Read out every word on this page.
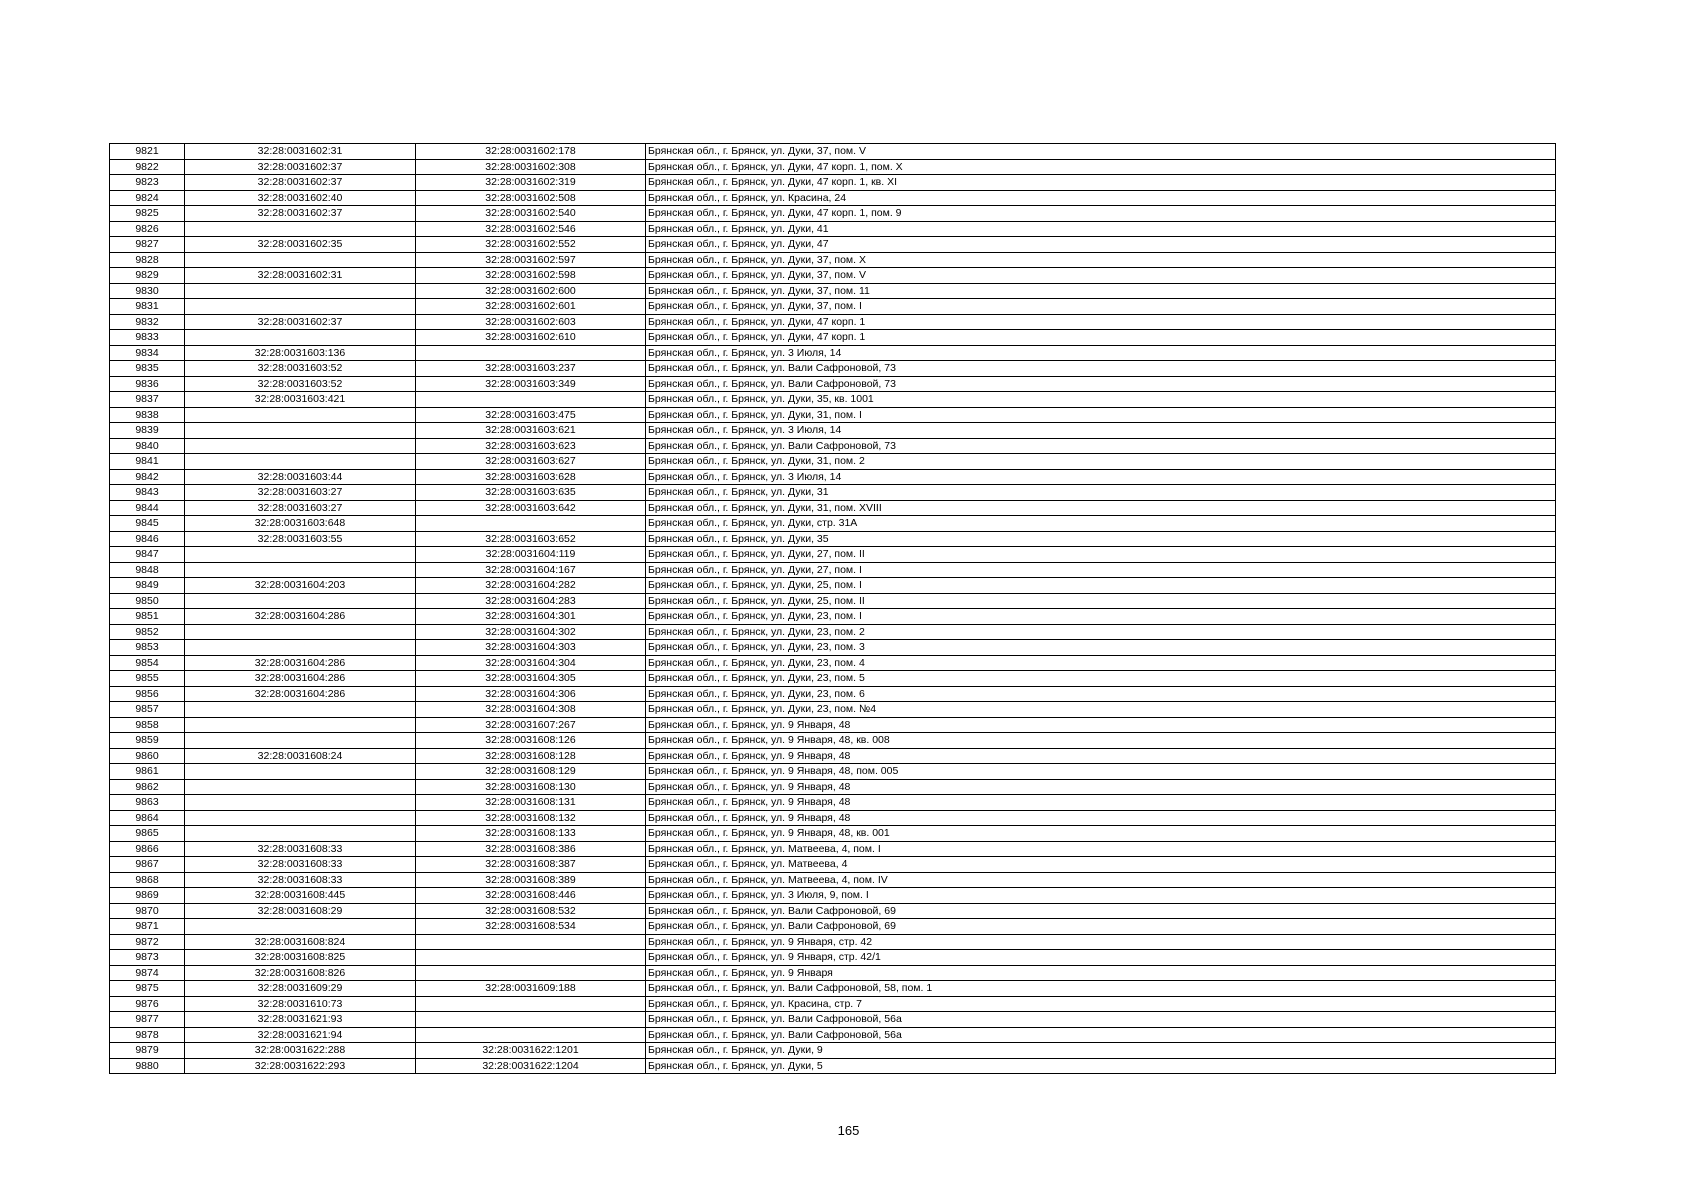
9821	32:28:0031602:31	32:28:0031602:178	Брянская обл., г. Брянск, ул. Дуки, 37, пом. V
9822	32:28:0031602:37	32:28:0031602:308	Брянская обл., г. Брянск, ул. Дуки, 47 корп. 1, пом. X
9823	32:28:0031602:37	32:28:0031602:319	Брянская обл., г. Брянск, ул. Дуки, 47 корп. 1, кв. XI
9824	32:28:0031602:40	32:28:0031602:508	Брянская обл., г. Брянск, ул. Красина, 24
9825	32:28:0031602:37	32:28:0031602:540	Брянская обл., г. Брянск, ул. Дуки, 47 корп. 1, пом. 9
9826		32:28:0031602:546	Брянская обл., г. Брянск, ул. Дуки, 41
9827	32:28:0031602:35	32:28:0031602:552	Брянская обл., г. Брянск, ул. Дуки, 47
9828		32:28:0031602:597	Брянская обл., г. Брянск, ул. Дуки, 37, пом. X
9829	32:28:0031602:31	32:28:0031602:598	Брянская обл., г. Брянск, ул. Дуки, 37, пом. V
9830		32:28:0031602:600	Брянская обл., г. Брянск, ул. Дуки, 37, пом. 11
9831		32:28:0031602:601	Брянская обл., г. Брянск, ул. Дуки, 37, пом. I
9832	32:28:0031602:37	32:28:0031602:603	Брянская обл., г. Брянск, ул. Дуки, 47 корп. 1
9833		32:28:0031602:610	Брянская обл., г. Брянск, ул. Дуки, 47 корп. 1
9834	32:28:0031603:136		Брянская обл., г. Брянск, ул. 3 Июля, 14
9835	32:28:0031603:52	32:28:0031603:237	Брянская обл., г. Брянск, ул. Вали Сафроновой, 73
9836	32:28:0031603:52	32:28:0031603:349	Брянская обл., г. Брянск, ул. Вали Сафроновой, 73
9837	32:28:0031603:421		Брянская обл., г. Брянск, ул. Дуки, 35, кв. 1001
9838		32:28:0031603:475	Брянская обл., г. Брянск, ул. Дуки, 31, пом. I
9839		32:28:0031603:621	Брянская обл., г. Брянск, ул. 3 Июля, 14
9840		32:28:0031603:623	Брянская обл., г. Брянск, ул. Вали Сафроновой, 73
9841		32:28:0031603:627	Брянская обл., г. Брянск, ул. Дуки, 31, пом. 2
9842	32:28:0031603:44	32:28:0031603:628	Брянская обл., г. Брянск, ул. 3 Июля, 14
9843	32:28:0031603:27	32:28:0031603:635	Брянская обл., г. Брянск, ул. Дуки, 31
9844	32:28:0031603:27	32:28:0031603:642	Брянская обл., г. Брянск, ул. Дуки, 31, пом. XVIII
9845	32:28:0031603:648		Брянская обл., г. Брянск, ул. Дуки, стр. 31А
9846	32:28:0031603:55	32:28:0031603:652	Брянская обл., г. Брянск, ул. Дуки, 35
9847		32:28:0031604:119	Брянская обл., г. Брянск, ул. Дуки, 27, пом. II
9848		32:28:0031604:167	Брянская обл., г. Брянск, ул. Дуки, 27, пом. I
9849	32:28:0031604:203	32:28:0031604:282	Брянская обл., г. Брянск, ул. Дуки, 25, пом. I
9850		32:28:0031604:283	Брянская обл., г. Брянск, ул. Дуки, 25, пом. II
9851	32:28:0031604:286	32:28:0031604:301	Брянская обл., г. Брянск, ул. Дуки, 23, пом. I
9852		32:28:0031604:302	Брянская обл., г. Брянск, ул. Дуки, 23, пом. 2
9853		32:28:0031604:303	Брянская обл., г. Брянск, ул. Дуки, 23, пом. 3
9854	32:28:0031604:286	32:28:0031604:304	Брянская обл., г. Брянск, ул. Дуки, 23, пом. 4
9855	32:28:0031604:286	32:28:0031604:305	Брянская обл., г. Брянск, ул. Дуки, 23, пом. 5
9856	32:28:0031604:286	32:28:0031604:306	Брянская обл., г. Брянск, ул. Дуки, 23, пом. 6
9857		32:28:0031604:308	Брянская обл., г. Брянск, ул. Дуки, 23, пом. №4
9858		32:28:0031607:267	Брянская обл., г. Брянск, ул. 9 Января, 48
9859		32:28:0031608:126	Брянская обл., г. Брянск, ул. 9 Января, 48, кв. 008
9860	32:28:0031608:24	32:28:0031608:128	Брянская обл., г. Брянск, ул. 9 Января, 48
9861		32:28:0031608:129	Брянская обл., г. Брянск, ул. 9 Января, 48, пом. 005
9862		32:28:0031608:130	Брянская обл., г. Брянск, ул. 9 Января, 48
9863		32:28:0031608:131	Брянская обл., г. Брянск, ул. 9 Января, 48
9864		32:28:0031608:132	Брянская обл., г. Брянск, ул. 9 Января, 48
9865		32:28:0031608:133	Брянская обл., г. Брянск, ул. 9 Января, 48, кв. 001
9866	32:28:0031608:33	32:28:0031608:386	Брянская обл., г. Брянск, ул. Матвеева, 4, пом. I
9867	32:28:0031608:33	32:28:0031608:387	Брянская обл., г. Брянск, ул. Матвеева, 4
9868	32:28:0031608:33	32:28:0031608:389	Брянская обл., г. Брянск, ул. Матвеева, 4, пом. IV
9869	32:28:0031608:445	32:28:0031608:446	Брянская обл., г. Брянск, ул. 3 Июля, 9, пом. I
9870	32:28:0031608:29	32:28:0031608:532	Брянская обл., г. Брянск, ул. Вали Сафроновой, 69
9871		32:28:0031608:534	Брянская обл., г. Брянск, ул. Вали Сафроновой, 69
9872	32:28:0031608:824		Брянская обл., г. Брянск, ул. 9 Января, стр. 42
9873	32:28:0031608:825		Брянская обл., г. Брянск, ул. 9 Января, стр. 42/1
9874	32:28:0031608:826		Брянская обл., г. Брянск, ул. 9 Января
9875	32:28:0031609:29	32:28:0031609:188	Брянская обл., г. Брянск, ул. Вали Сафроновой, 58, пом. 1
9876	32:28:0031610:73		Брянская обл., г. Брянск, ул. Красина, стр. 7
9877	32:28:0031621:93		Брянская обл., г. Брянск, ул. Вали Сафроновой, 56а
9878	32:28:0031621:94		Брянская обл., г. Брянск, ул. Вали Сафроновой, 56а
9879	32:28:0031622:288	32:28:0031622:1201	Брянская обл., г. Брянск, ул. Дуки, 9
9880	32:28:0031622:293	32:28:0031622:1204	Брянская обл., г. Брянск, ул. Дуки, 5
165
